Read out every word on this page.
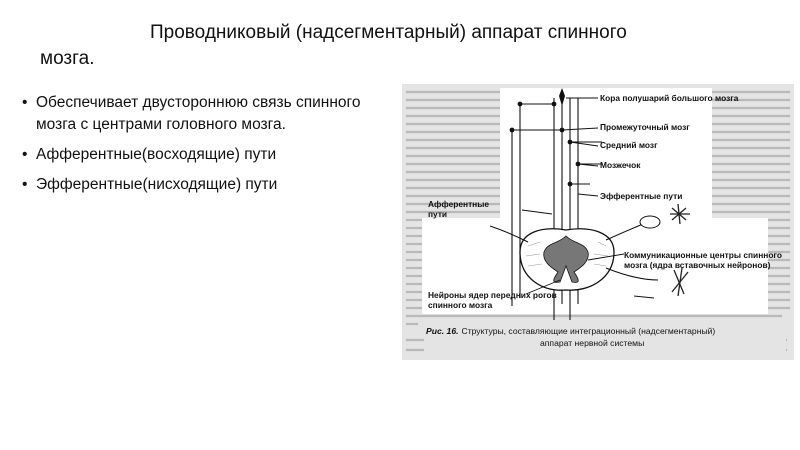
Проводниковый (надсегментарный) аппарат спинного
мозга.
• Обеспечивает двустороннюю связь спинного мозга с центрами головного мозга.
• Афферентные(восходящие) пути
• Эфферентные(нисходящие) пути
Кора полушарий большого мозга
Промежуточный мозг
Средний мозг
Мозжечок
Эфферентные пути
Афферентные
пути
Коммуникационные центры спинного
мозга (ядра вставочных нейронов)
Нейроны ядер передних рогов
спинного мозга
Рис. 16. Структуры, составляющие интеграционный (надсегментарный)
аппарат нервной системы
